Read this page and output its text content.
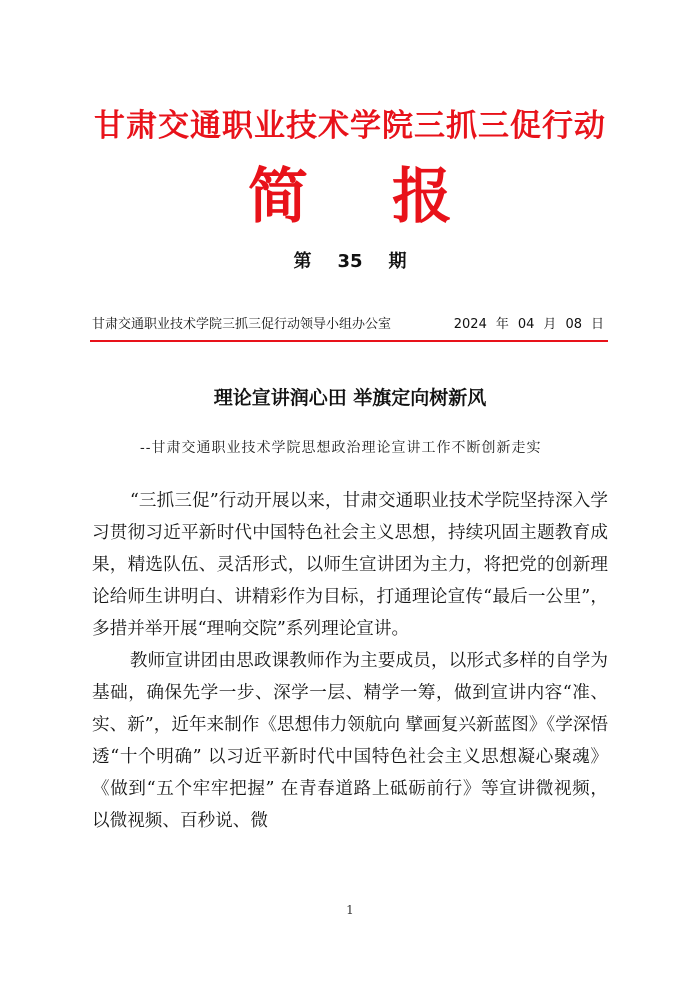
甘肃交通职业技术学院三抓三促行动
简报
第 35 期
甘肃交通职业技术学院三抓三促行动领导小组办公室	2024 年 04 月 08 日
理论宣讲润心田 举旗定向树新风
--甘肃交通职业技术学院思想政治理论宣讲工作不断创新走实

“三抓三促”行动开展以来，甘肃交通职业技术学院坚持深入学习贯彻习近平新时代中国特色社会主义思想，持续巩固主题教育成果，精选队伍、灵活形式，以师生宣讲团为主力，将把党的创新理论给师生讲明白、讲精彩作为目标，打通理论宣传“最后一公里”，多措并举开展“理响交院”系列理论宣讲。

教师宣讲团由思政课教师作为主要成员，以形式多样的自学为基础，确保先学一步、深学一层、精学一筹，做到宣讲内容“准、实、新”，近年来制作《思想伟力领航向 擘画复兴新蓝图》《学深悟透“十个明确” 以习近平新时代中国特色社会主义思想凝心聚魂》《做到“五个牢牢把握” 在青春道路上砥砺前行》等宣讲微视频，以微视频、百秒说、微

1
